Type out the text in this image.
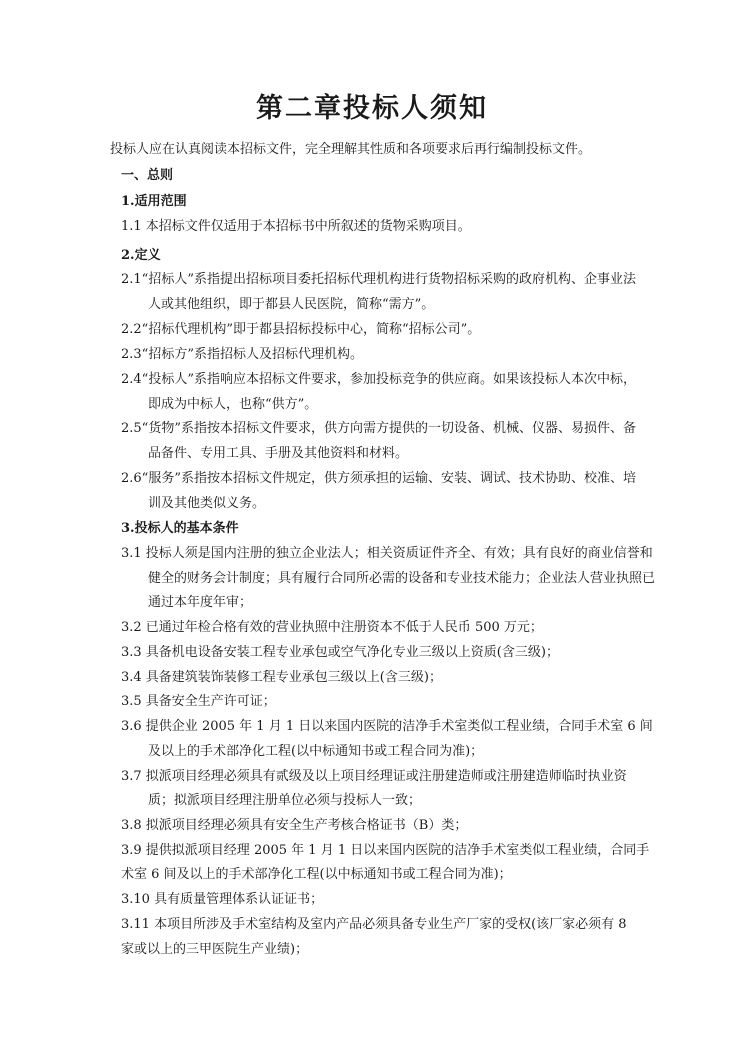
第二章投标人须知
投标人应在认真阅读本招标文件，完全理解其性质和各项要求后再行编制投标文件。
一、总则
1.适用范围
1.1 本招标文件仅适用于本招标书中所叙述的货物采购项目。
2.定义
2.1“招标人”系指提出招标项目委托招标代理机构进行货物招标采购的政府机构、企事业法
人或其他组织，即于都县人民医院，简称“需方”。
2.2“招标代理机构”即于都县招标投标中心，简称“招标公司”。
2.3“招标方”系指招标人及招标代理机构。
2.4“投标人”系指响应本招标文件要求，参加投标竞争的供应商。如果该投标人本次中标，
即成为中标人，也称“供方”。
2.5“货物”系指按本招标文件要求，供方向需方提供的一切设备、机械、仪器、易损件、备
品备件、专用工具、手册及其他资料和材料。
2.6“服务”系指按本招标文件规定，供方须承担的运输、安装、调试、技术协助、校准、培
训及其他类似义务。
3.投标人的基本条件
3.1 投标人须是国内注册的独立企业法人；相关资质证件齐全、有效；具有良好的商业信誉和
健全的财务会计制度；具有履行合同所必需的设备和专业技术能力；企业法人营业执照已
通过本年度年审；
3.2 已通过年检合格有效的营业执照中注册资本不低于人民币 500 万元；
3.3 具备机电设备安装工程专业承包或空气净化专业三级以上资质(含三级)；
3.4 具备建筑装饰装修工程专业承包三级以上(含三级)；
3.5 具备安全生产许可证；
3.6 提供企业 2005 年 1 月 1 日以来国内医院的洁净手术室类似工程业绩，合同手术室 6 间
及以上的手术部净化工程(以中标通知书或工程合同为准)；
3.7 拟派项目经理必须具有贰级及以上项目经理证或注册建造师或注册建造师临时执业资
质；拟派项目经理注册单位必须与投标人一致；
3.8 拟派项目经理必须具有安全生产考核合格证书（B）类；
3.9 提供拟派项目经理 2005 年 1 月 1 日以来国内医院的洁净手术室类似工程业绩，合同手
术室 6 间及以上的手术部净化工程(以中标通知书或工程合同为准)；
3.10 具有质量管理体系认证证书；
3.11 本项目所涉及手术室结构及室内产品必须具备专业生产厂家的受权(该厂家必须有 8
家或以上的三甲医院生产业绩)；
